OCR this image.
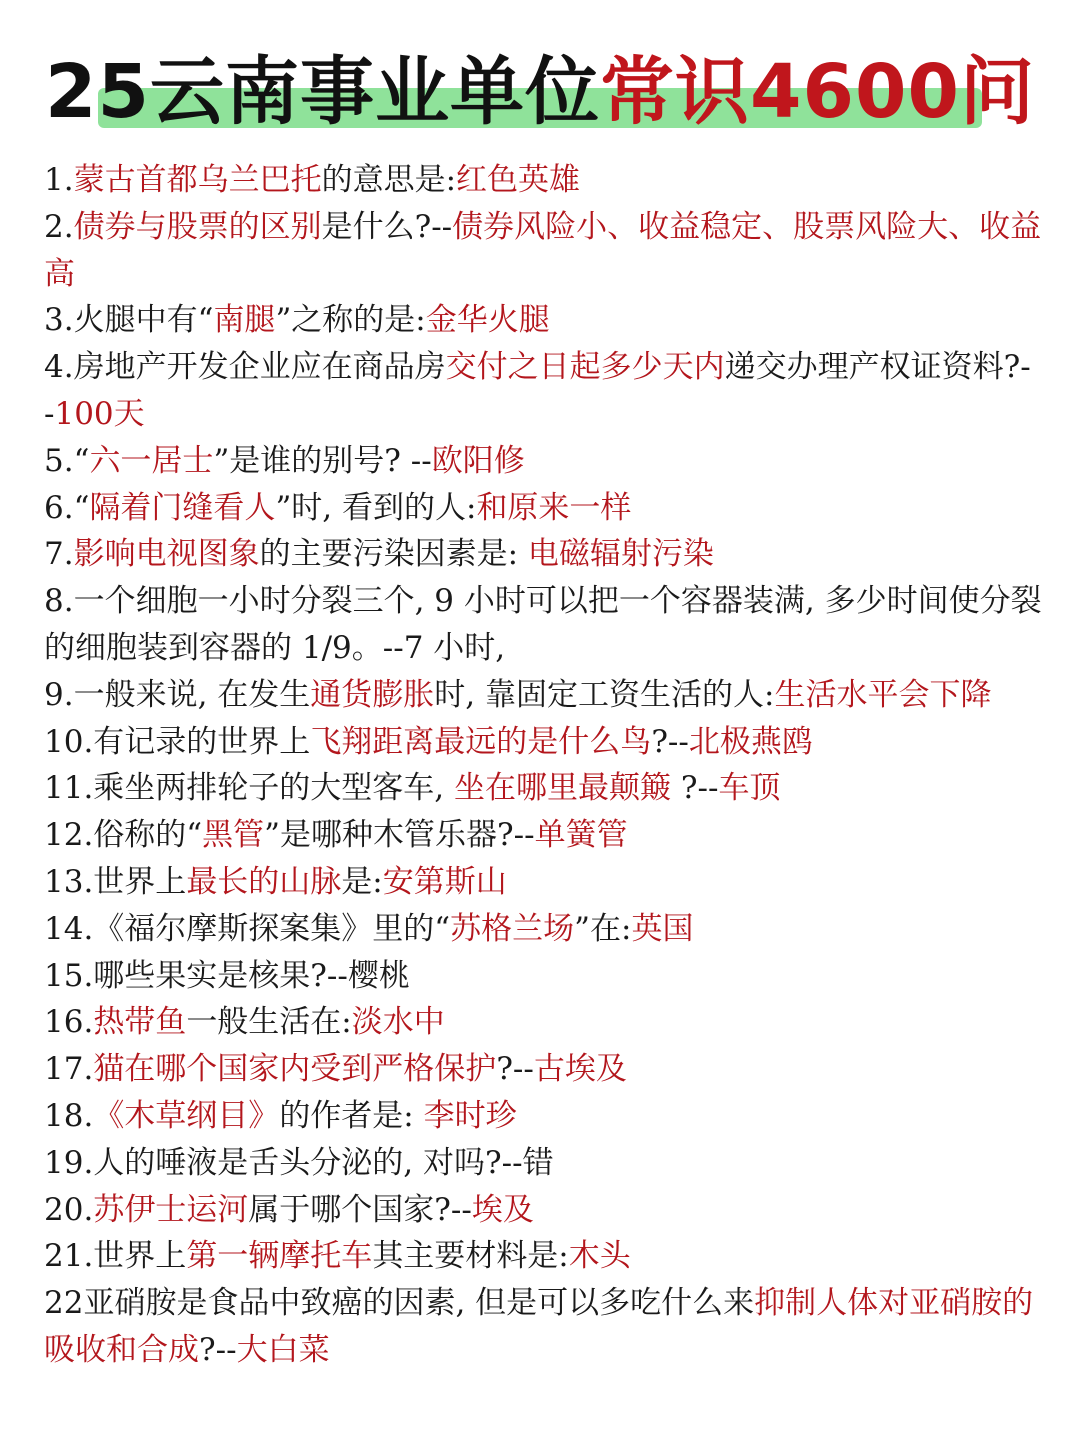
25云南事业单位常识4600问

1.蒙古首都乌兰巴托的意思是:红色英雄

2.债券与股票的区别是什么?--债券风险小、收益稳定、股票风险大、收益高

3.火腿中有“南腿”之称的是:金华火腿

4.房地产开发企业应在商品房交付之日起多少天内递交办理产权证资料?--100天

5.“六一居士”是谁的别号? --欧阳修

6.“隔着门缝看人”时, 看到的人:和原来一样

7.影响电视图象的主要污染因素是: 电磁辐射污染

8.一个细胞一小时分裂三个, 9 小时可以把一个容器装满, 多少时间使分裂的细胞装到容器的 1/9。--7 小时,

9.一般来说, 在发生通货膨胀时, 靠固定工资生活的人:生活水平会下降

10.有记录的世界上飞翔距离最远的是什么鸟?--北极燕鸥

11.乘坐两排轮子的大型客车, 坐在哪里最颠簸 ?--车顶

12.俗称的“黑管”是哪种木管乐器?--单簧管

13.世界上最长的山脉是:安第斯山

14.《福尔摩斯探案集》里的“苏格兰场”在:英国

15.哪些果实是核果?--樱桃

16.热带鱼一般生活在:淡水中

17.猫在哪个国家内受到严格保护?--古埃及

18.《木草纲目》的作者是: 李时珍

19.人的唾液是舌头分泌的, 对吗?--错

20.苏伊士运河属于哪个国家?--埃及

21.世界上第一辆摩托车其主要材料是:木头

22亚硝胺是食品中致癌的因素, 但是可以多吃什么来抑制人体对亚硝胺的吸收和合成?--大白菜
